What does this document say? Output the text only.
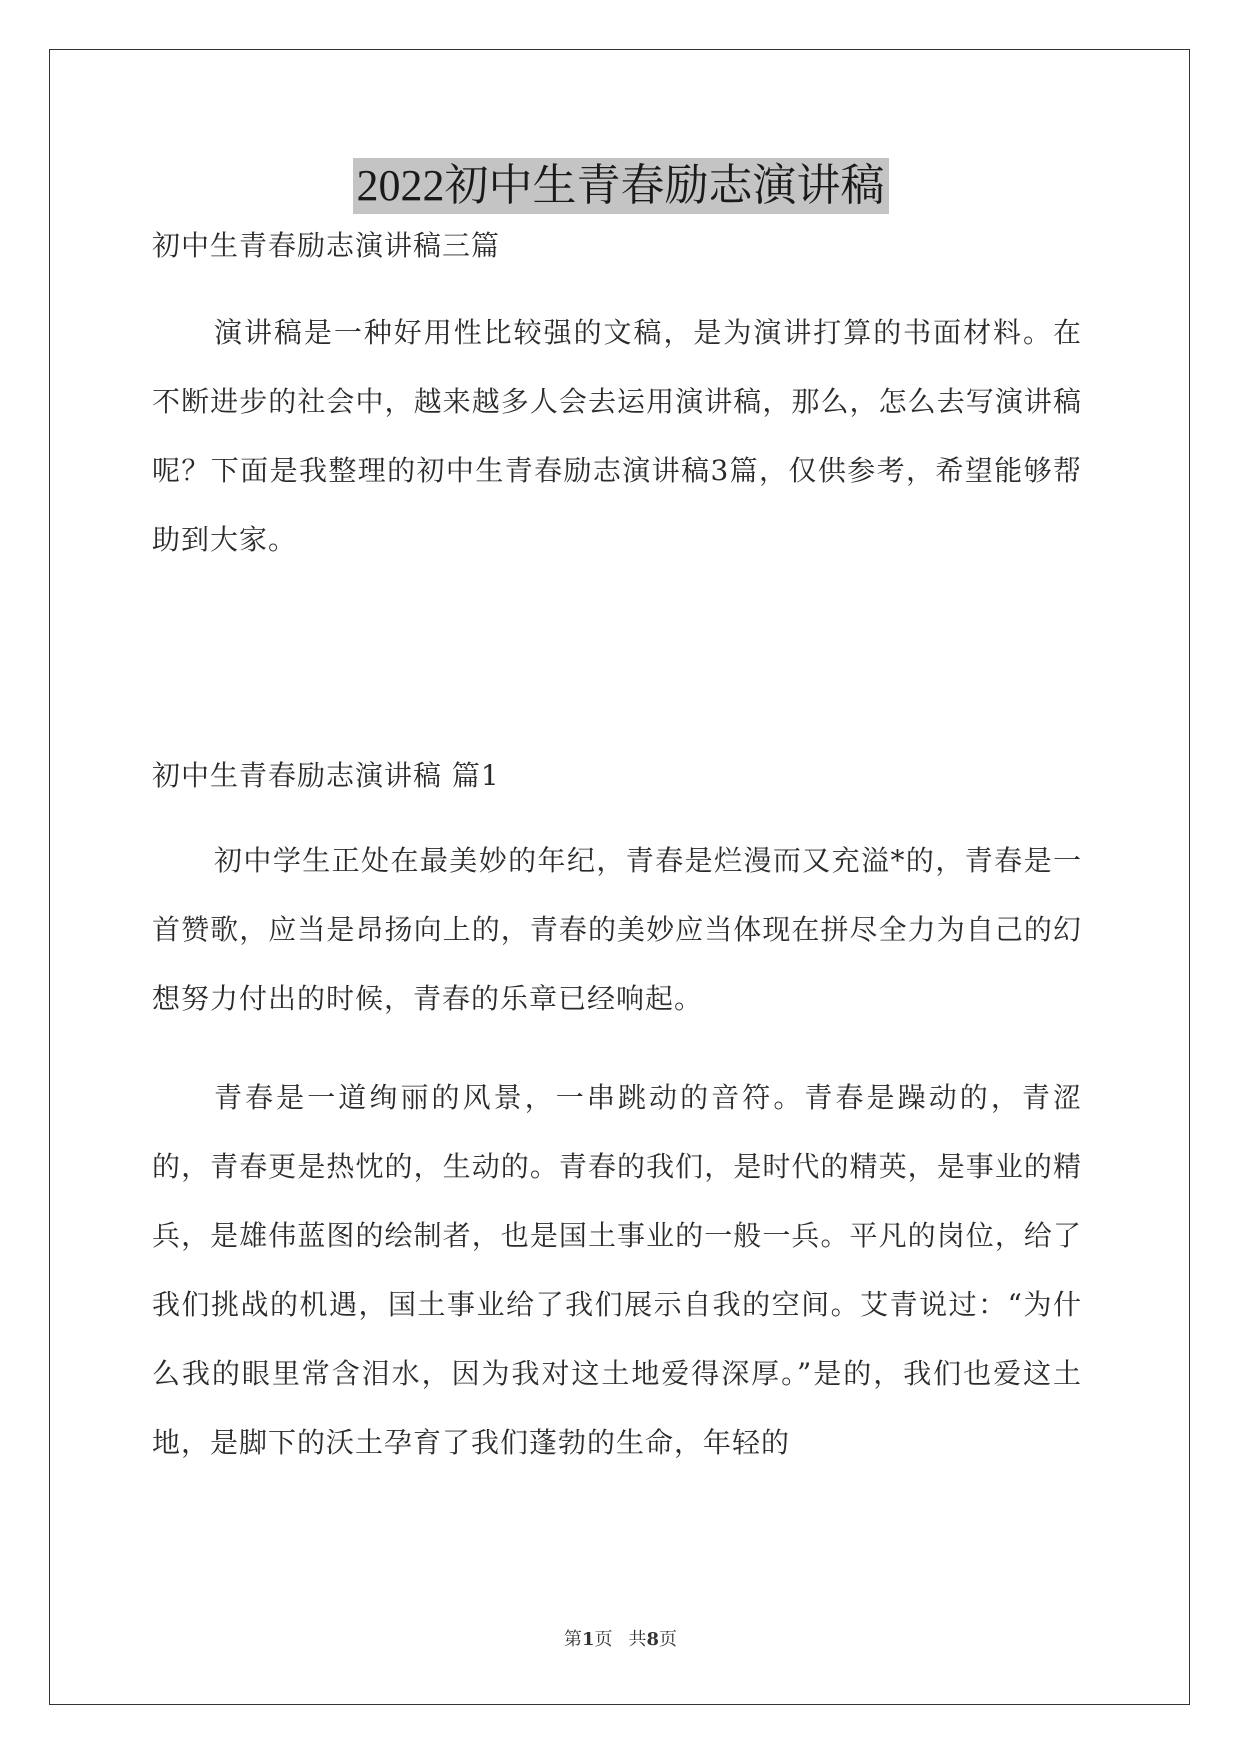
2022初中生青春励志演讲稿

初中生青春励志演讲稿三篇

演讲稿是一种好用性比较强的文稿，是为演讲打算的书面材料。在不断进步的社会中，越来越多人会去运用演讲稿，那么，怎么去写演讲稿呢？下面是我整理的初中生青春励志演讲稿3篇，仅供参考，希望能够帮助到大家。

初中生青春励志演讲稿 篇1

初中学生正处在最美妙的年纪，青春是烂漫而又充溢*的，青春是一首赞歌，应当是昂扬向上的，青春的美妙应当体现在拼尽全力为自己的幻想努力付出的时候，青春的乐章已经响起。

青春是一道绚丽的风景，一串跳动的音符。青春是躁动的，青涩的，青春更是热忱的，生动的。青春的我们，是时代的精英，是事业的精兵，是雄伟蓝图的绘制者，也是国土事业的一般一兵。平凡的岗位，给了我们挑战的机遇，国土事业给了我们展示自我的空间。艾青说过：“为什么我的眼里常含泪水，因为我对这土地爱得深厚。”是的，我们也爱这土地，是脚下的沃土孕育了我们蓬勃的生命，年轻的

第1页 共8页
